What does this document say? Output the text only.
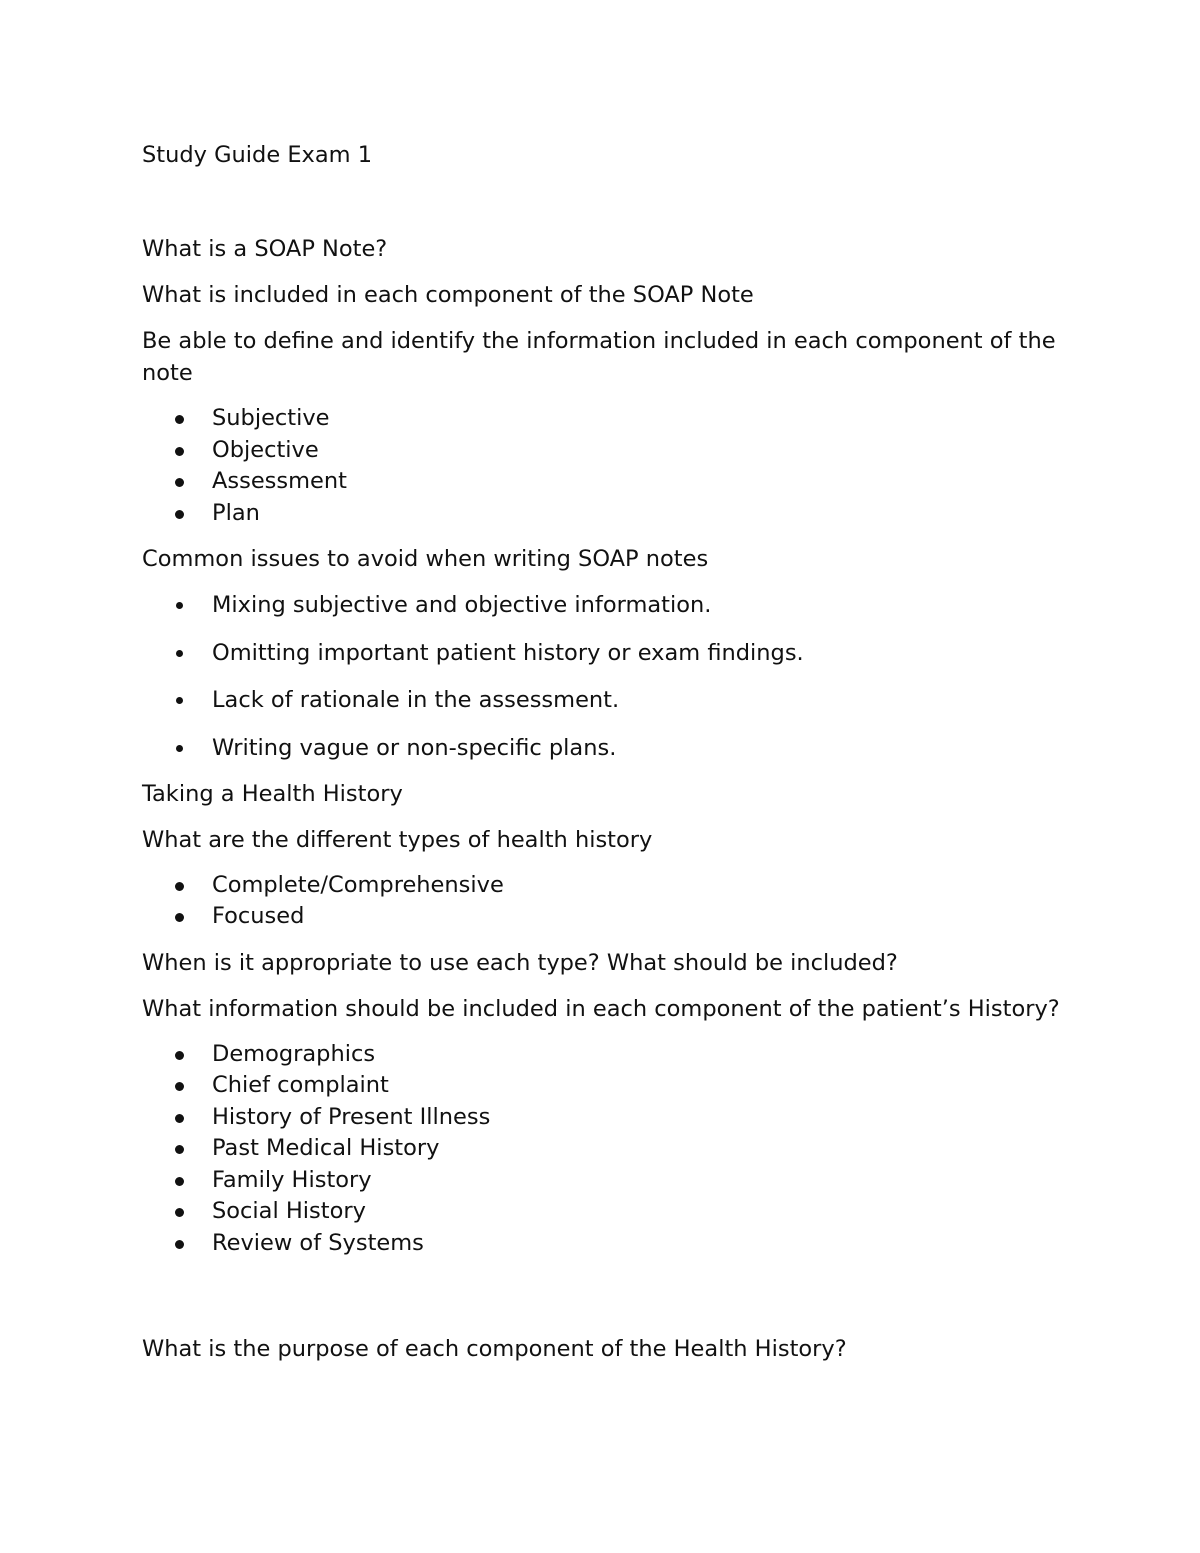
Study Guide Exam 1

What is a SOAP Note?

What is included in each component of the SOAP Note

Be able to define and identify the information included in each component of the note

Subjective
Objective
Assessment
Plan

Common issues to avoid when writing SOAP notes

Mixing subjective and objective information.
Omitting important patient history or exam findings.
Lack of rationale in the assessment.
Writing vague or non-specific plans.

Taking a Health History

What are the different types of health history

Complete/Comprehensive
Focused

When is it appropriate to use each type? What should be included?

What information should be included in each component of the patient’s History?

Demographics
Chief complaint
History of Present Illness
Past Medical History
Family History
Social History
Review of Systems

What is the purpose of each component of the Health History?
